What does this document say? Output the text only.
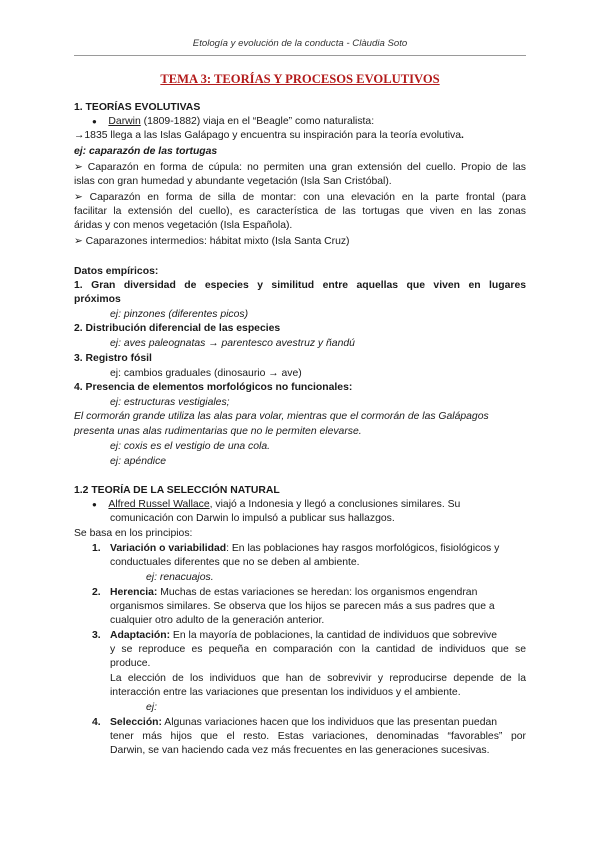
Etología y evolución de la conducta - Clàudia Soto
TEMA 3: TEORÍAS Y PROCESOS EVOLUTIVOS
1. TEORÍAS EVOLUTIVAS
● Darwin (1809-1882) viaja en el “Beagle” como naturalista:
→1835 llega a las Islas Galápago y encuentra su inspiración para la teoría evolutiva.
ej: caparazón de las tortugas
➢ Caparazón en forma de cúpula: no permiten una gran extensión del cuello. Propio de las
islas con gran humedad y abundante vegetación (Isla San Cristóbal).
➢ Caparazón en forma de silla de montar: con una elevación en la parte frontal (para
facilitar la extensión del cuello), es característica de las tortugas que viven en las zonas
áridas y con menos vegetación (Isla Española).
➢ Caparazones intermedios: hábitat mixto (Isla Santa Cruz)
Datos empíricos:
1. Gran diversidad de especies y similitud entre aquellas que viven en lugares
próximos
ej: pinzones (diferentes picos)
2. Distribución diferencial de las especies
ej: aves paleognatas → parentesco avestruz y ñandú
3. Registro fósil
ej: cambios graduales (dinosaurio → ave)
4. Presencia de elementos morfológicos no funcionales:
ej: estructuras vestigiales;
El cormorán grande utiliza las alas para volar, mientras que el cormorán de las Galápagos
presenta unas alas rudimentarias que no le permiten elevarse.
ej: coxis es el vestigio de una cola.
ej: apéndice
1.2 TEORÍA DE LA SELECCIÓN NATURAL
● Alfred Russel Wallace, viajó a Indonesia y llegó a conclusiones similares. Su
comunicación con Darwin lo impulsó a publicar sus hallazgos.
Se basa en los principios:
1. Variación o variabilidad: En las poblaciones hay rasgos morfológicos, fisiológicos y
conductuales diferentes que no se deben al ambiente.
ej: renacuajos.
2. Herencia: Muchas de estas variaciones se heredan: los organismos engendran
organismos similares. Se observa que los hijos se parecen más a sus padres que a
cualquier otro adulto de la generación anterior.
3. Adaptación: En la mayoría de poblaciones, la cantidad de individuos que sobrevive
y se reproduce es pequeña en comparación con la cantidad de individuos que se
produce.
La elección de los individuos que han de sobrevivir y reproducirse depende de la
interacción entre las variaciones que presentan los individuos y el ambiente.
ej:
4. Selección: Algunas variaciones hacen que los individuos que las presentan puedan
tener más hijos que el resto. Estas variaciones, denominadas “favorables” por
Darwin, se van haciendo cada vez más frecuentes en las generaciones sucesivas.
